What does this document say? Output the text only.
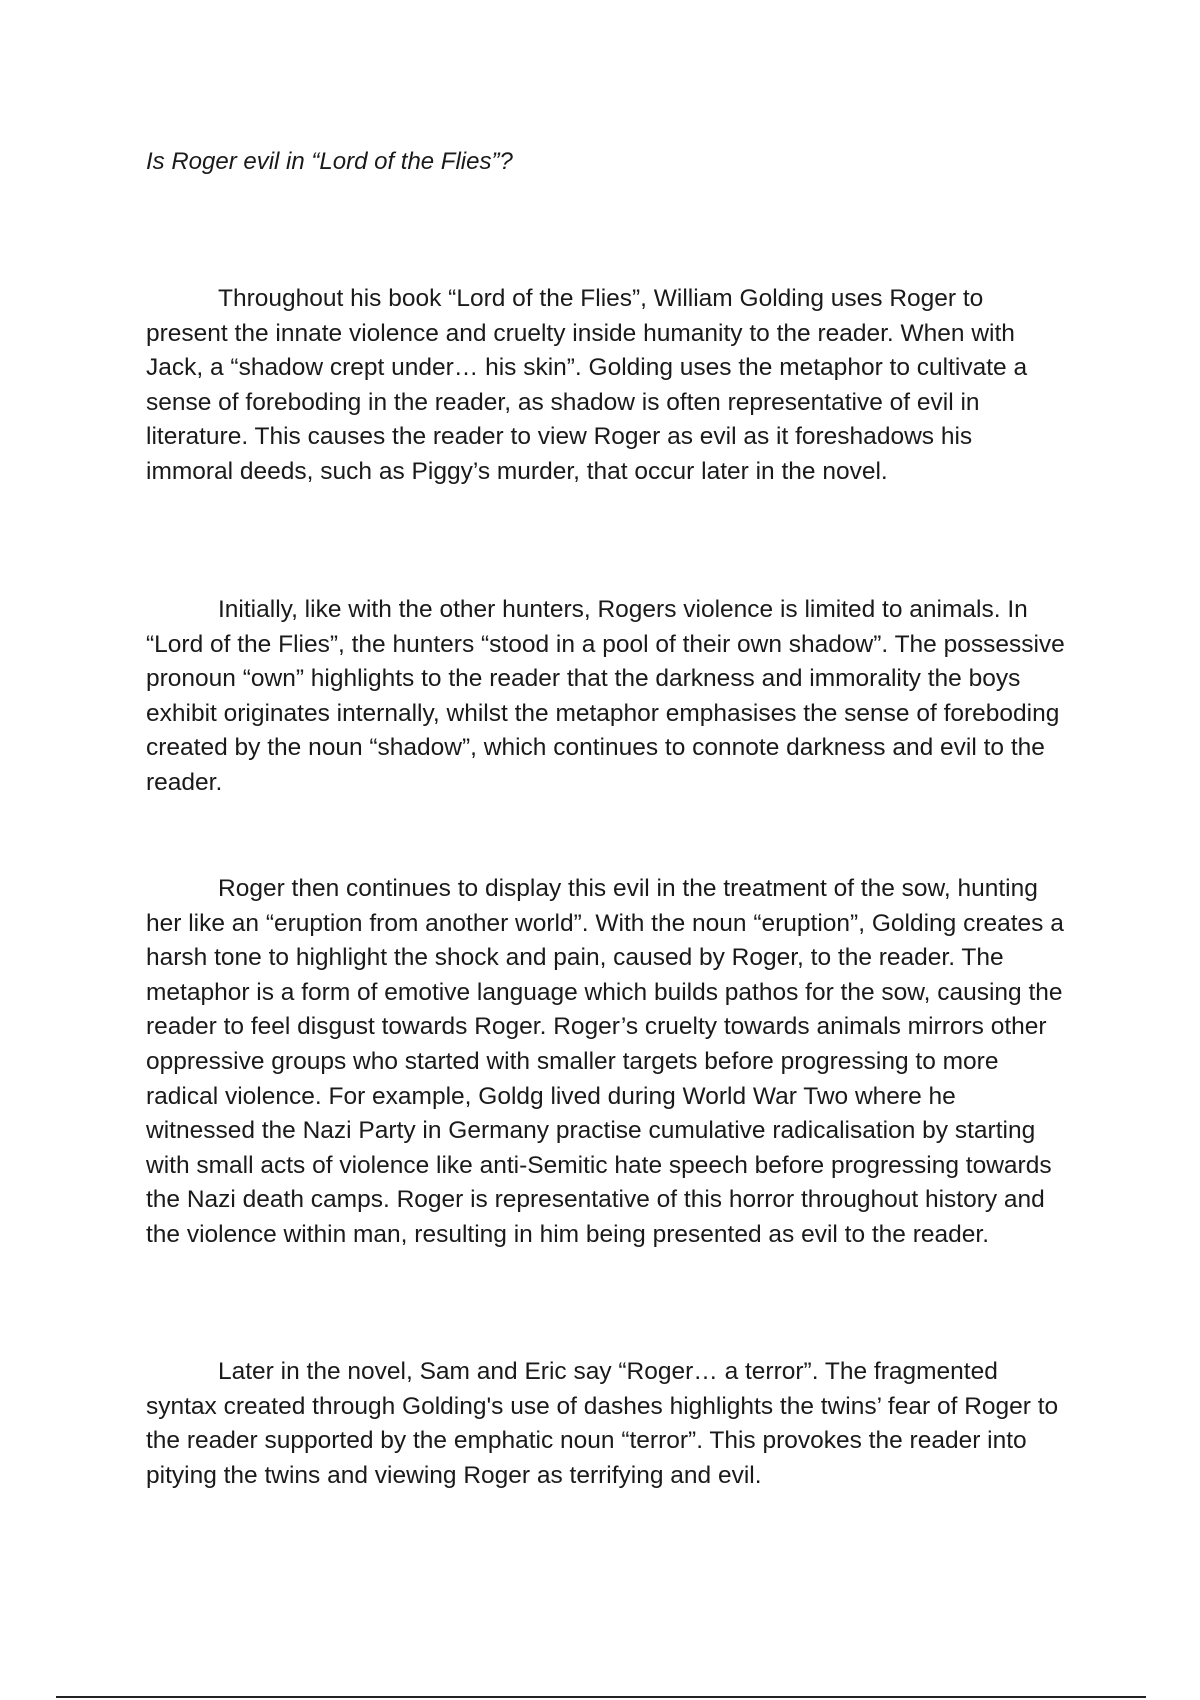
Is Roger evil in “Lord of the Flies”?

Throughout his book “Lord of the Flies”, William Golding uses Roger to present the innate violence and cruelty inside humanity to the reader. When with Jack, a “shadow crept under… his skin”. Golding uses the metaphor to cultivate a sense of foreboding in the reader, as shadow is often representative of evil in literature. This causes the reader to view Roger as evil as it foreshadows his immoral deeds, such as Piggy’s murder, that occur later in the novel.

Initially, like with the other hunters, Rogers violence is limited to animals. In “Lord of the Flies”, the hunters “stood in a pool of their own shadow”. The possessive pronoun “own” highlights to the reader that the darkness and immorality the boys exhibit originates internally, whilst the metaphor emphasises the sense of foreboding created by the noun “shadow”, which continues to connote darkness and evil to the reader.

Roger then continues to display this evil in the treatment of the sow, hunting her like an “eruption from another world”. With the noun “eruption”, Golding creates a harsh tone to highlight the shock and pain, caused by Roger, to the reader. The metaphor is a form of emotive language which builds pathos for the sow, causing the reader to feel disgust towards Roger. Roger’s cruelty towards animals mirrors other oppressive groups who started with smaller targets before progressing to more radical violence. For example, Goldg lived during World War Two where he witnessed the Nazi Party in Germany practise cumulative radicalisation by starting with small acts of violence like anti-Semitic hate speech before progressing towards the Nazi death camps. Roger is representative of this horror throughout history and the violence within man, resulting in him being presented as evil to the reader.

Later in the novel, Sam and Eric say “Roger… a terror”. The fragmented syntax created through Golding's use of dashes highlights the twins’ fear of Roger to the reader supported by the emphatic noun “terror”. This provokes the reader into pitying the twins and viewing Roger as terrifying and evil.
